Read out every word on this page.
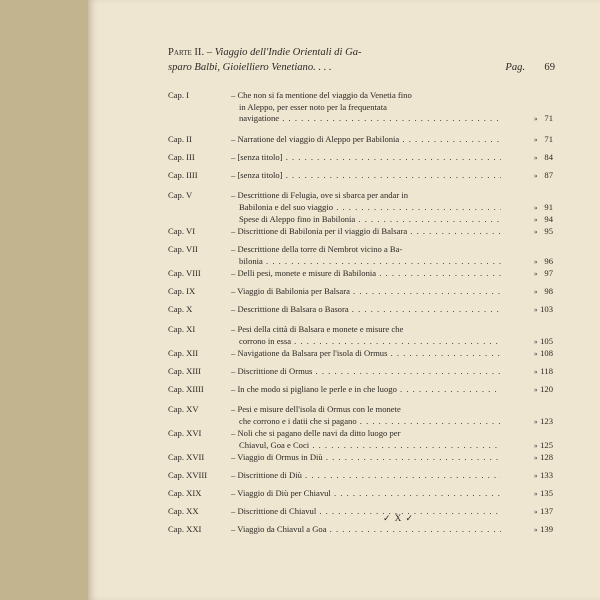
Parte II. – Viaggio dell'Indie Orientali di Ga-
sparo Balbi, Gioielliero Venetiano. . . .	Pag. 69
Cap. I	– Che non si fa mentione del viaggio da Venetia fino
in Aleppo, per esser noto per la frequentata
navigatione . . .	» 71
Cap. II	– Narratione del viaggio di Aleppo per Babilonia . . .	» 71
Cap. III	– [senza titolo] . . .	» 84
Cap. IIII	– [senza titolo] . . .	» 87
Cap. V	– Descrittione di Felugia, ove si sbarca per andar in
Babilonia e del suo viaggio . . .	» 91
Spese di Aleppo fino in Babilonia . . .	» 94
Cap. VI	– Discrittione di Babilonia per il viaggio di Balsara . . .	» 95
Cap. VII	– Descrittione della torre di Nembrot vicino a Ba-
bilonia . . .	» 96
Cap. VIII	– Delli pesi, monete e misure di Babilonia . . .	» 97
Cap. IX	– Viaggio di Babilonia per Balsara . . .	» 98
Cap. X	– Descrittione di Balsara o Basora . . .	» 103
Cap. XI	– Pesi della città di Balsara e monete e misure che
corrono in essa . . .	» 105
Cap. XII	– Navigatione da Balsara per l'isola di Ormus . . .	» 108
Cap. XIII	– Discrittione di Ormus . . .	» 118
Cap. XIIII	– In che modo si pigliano le perle e in che luogo . . .	» 120
Cap. XV	– Pesi e misure dell'isola di Ormus con le monete
che corrono e i datii che si pagano . . .	» 123
Cap. XVI	– Noli che si pagano delle navi da ditto luogo per
Chiavul, Goa e Coci . . .	» 125
Cap. XVII	– Viaggio di Ormus in Diù . . .	» 128
Cap. XVIII	– Discrittione di Diù . . .	» 133
Cap. XIX	– Viaggio di Diù per Chiavul . . .	» 135
Cap. XX	– Discrittione di Chiavul . . .	» 137
Cap. XXI	– Viaggio da Chiavul a Goa . . .	» 139
✓ X ✓
